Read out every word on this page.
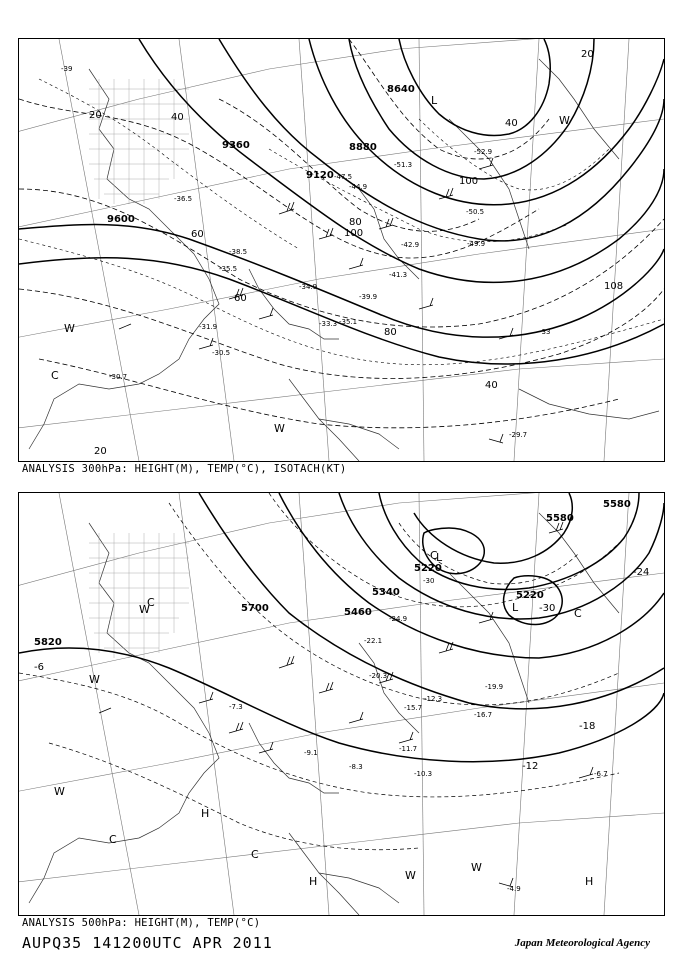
9600
9360
9120
8880
8640
20	40
60
80
100
108
40
20
60
80
100
40
20
-39
-42.9
-47.5
-51.3
-44.9
-38.5
-35.5
-33.3
-31.9
-30.5
-30.7
-29.7
-52.9
-50.5
-49.9
-36.5
-34.9
-35.1
-39.9
-41.3
-33
W
C
W
L
W
ANALYSIS 300hPa: HEIGHT(M), TEMP(°C), ISOTACH(KT)
5820
5700
5580
5460
5340
5220
5220
5580
-6
-18
-12
-24
-30
-30
-24.9
-22.1
-20.3
-19.9
-16.7
-11.7
-10.3
-8.3
-6.7
-4.9
-9.1
-7.3
-12.3
-15.7
L
L
C
C
C
W
W
W
W
H	H
H
C
C
W
ANALYSIS 500hPa: HEIGHT(M), TEMP(°C)
AUPQ35 141200UTC APR 2011	Japan Meteorological Agency
